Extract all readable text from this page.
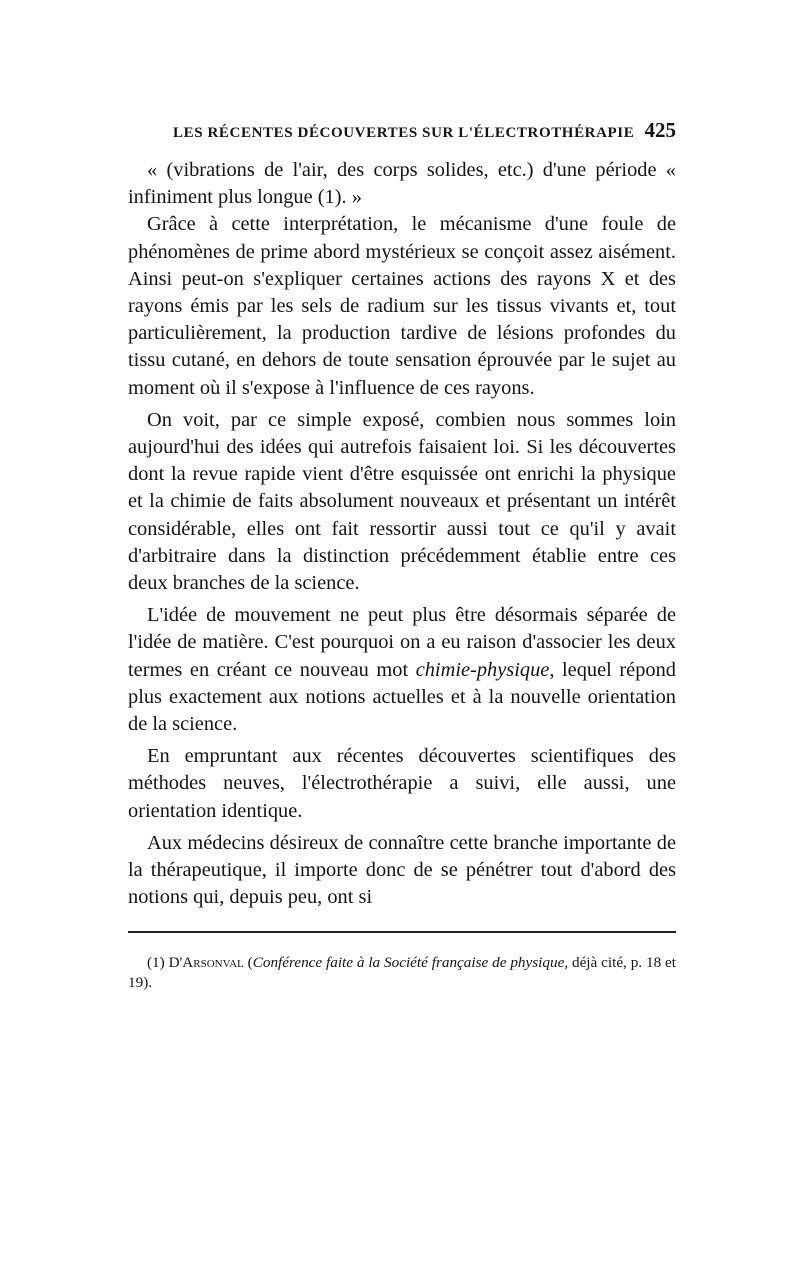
LES RÉCENTES DÉCOUVERTES SUR L'ÉLECTROTHÉRAPIE 425

« (vibrations de l'air, des corps solides, etc.) d'une période « infiniment plus longue (1). »

Grâce à cette interprétation, le mécanisme d'une foule de phénomènes de prime abord mystérieux se conçoit assez aisément. Ainsi peut-on s'expliquer certaines actions des rayons X et des rayons émis par les sels de radium sur les tissus vivants et, tout particulièrement, la production tardive de lésions profondes du tissu cutané, en dehors de toute sensation éprouvée par le sujet au moment où il s'expose à l'influence de ces rayons.

On voit, par ce simple exposé, combien nous sommes loin aujourd'hui des idées qui autrefois faisaient loi. Si les découvertes dont la revue rapide vient d'être esquissée ont enrichi la physique et la chimie de faits absolument nouveaux et présentant un intérêt considérable, elles ont fait ressortir aussi tout ce qu'il y avait d'arbitraire dans la distinction précédemment établie entre ces deux branches de la science.

L'idée de mouvement ne peut plus être désormais séparée de l'idée de matière. C'est pourquoi on a eu raison d'associer les deux termes en créant ce nouveau mot chimie-physique, lequel répond plus exactement aux notions actuelles et à la nouvelle orientation de la science.

En empruntant aux récentes découvertes scientifiques des méthodes neuves, l'électrothérapie a suivi, elle aussi, une orientation identique.

Aux médecins désireux de connaître cette branche importante de la thérapeutique, il importe donc de se pénétrer tout d'abord des notions qui, depuis peu, ont si

(1) D'Arsonval (Conférence faite à la Société française de physique, déjà cité, p. 18 et 19).
